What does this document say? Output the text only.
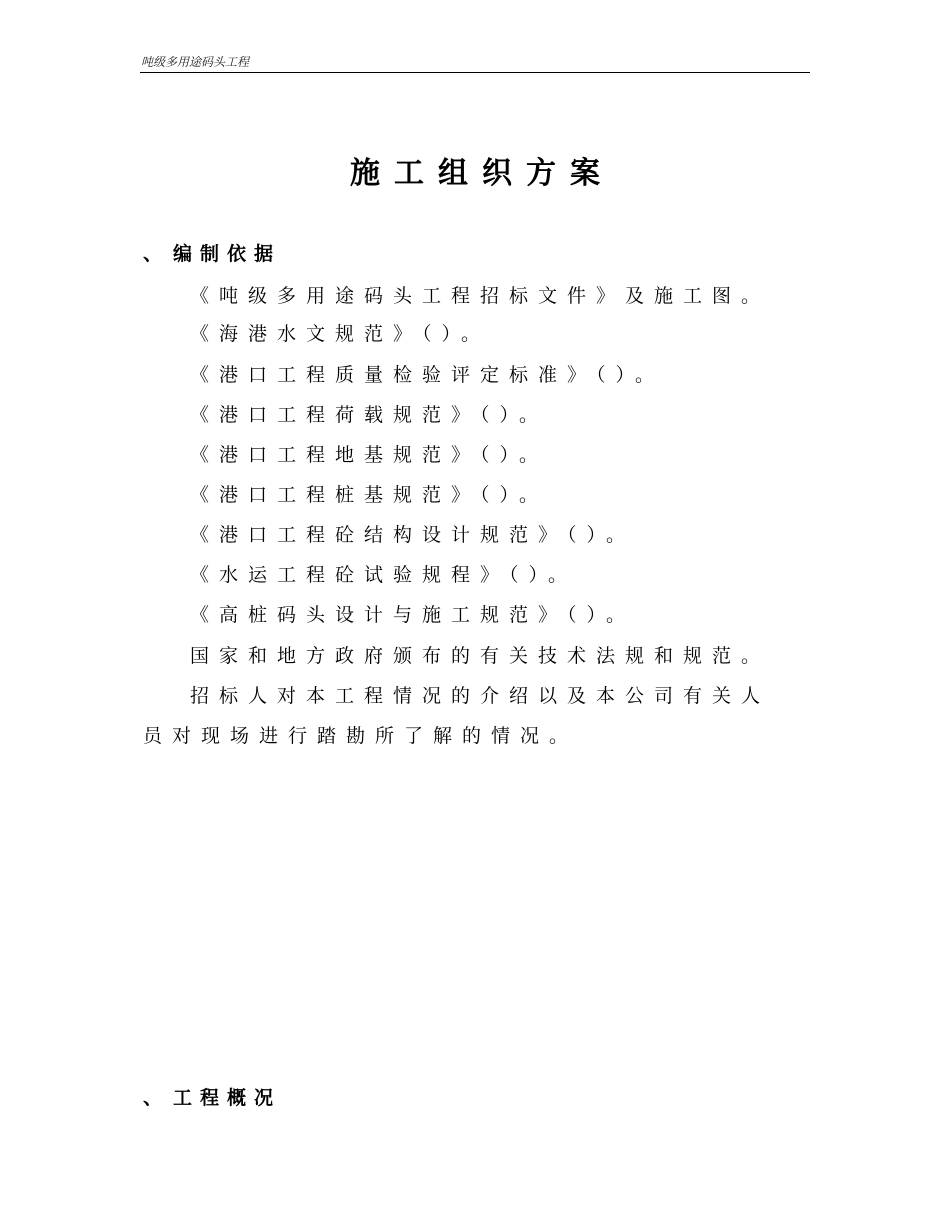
吨级多用途码头工程
施工组织方案
、 编制依据
《吨级多用途码头工程招标文件》及施工图。
《海港水文规范》（）。
《港口工程质量检验评定标准》（）。
《港口工程荷载规范》（）。
《港口工程地基规范》（）。
《港口工程桩基规范》（）。
《港口工程砼结构设计规范》（）。
《水运工程砼试验规程》（）。
《高桩码头设计与施工规范》（）。
国家和地方政府颁布的有关技术法规和规范。
招标人对本工程情况的介绍以及本公司有关人
员对现场进行踏勘所了解的情况。
、 工程概况
